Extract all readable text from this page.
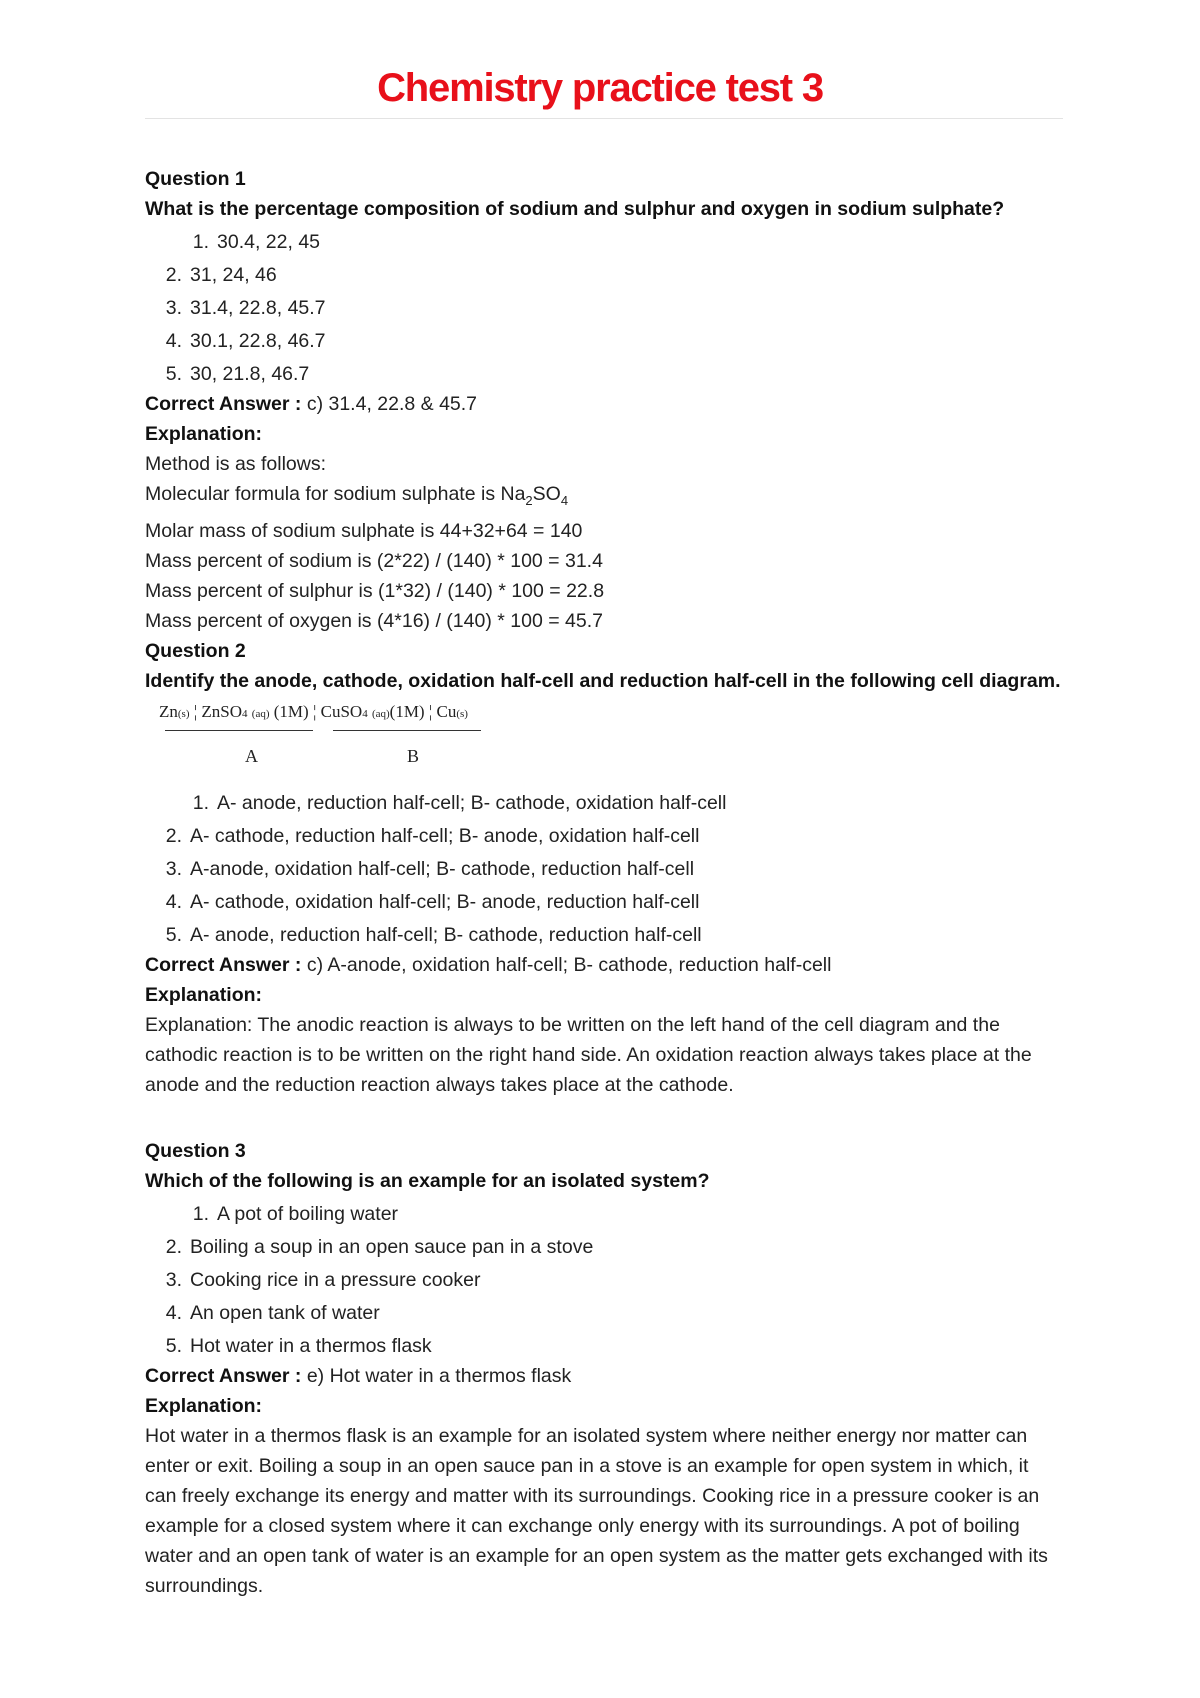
Chemistry practice test 3
Question 1
What is the percentage composition of sodium and sulphur and oxygen in sodium sulphate?
1. 30.4, 22, 45
2. 31, 24, 46
3. 31.4, 22.8, 45.7
4. 30.1, 22.8, 46.7
5. 30, 21.8, 46.7
Correct Answer : c) 31.4, 22.8 & 45.7
Explanation:
Method is as follows:
Molecular formula for sodium sulphate is $Na_2SO_4$
Molar mass of sodium sulphate is 44+32+64 = 140
Mass percent of sodium is (2*22) / (140) * 100 = 31.4
Mass percent of sulphur is (1*32) / (140) * 100 = 22.8
Mass percent of oxygen is (4*16) / (140) * 100 = 45.7
Question 2
Identify the anode, cathode, oxidation half-cell and reduction half-cell in the following cell diagram.
Zn(s) ¦ ZnSO4 (aq) (1M) ¦ CuSO4 (aq)(1M) ¦ Cu(s)
A	B
1. A- anode, reduction half-cell; B- cathode, oxidation half-cell
2. A- cathode, reduction half-cell; B- anode, oxidation half-cell
3. A-anode, oxidation half-cell; B- cathode, reduction half-cell
4. A- cathode, oxidation half-cell; B- anode, reduction half-cell
5. A- anode, reduction half-cell; B- cathode, reduction half-cell
Correct Answer : c) A-anode, oxidation half-cell; B- cathode, reduction half-cell
Explanation:
Explanation: The anodic reaction is always to be written on the left hand of the cell diagram and the cathodic reaction is to be written on the right hand side. An oxidation reaction always takes place at the anode and the reduction reaction always takes place at the cathode.
Question 3
Which of the following is an example for an isolated system?
1. A pot of boiling water
2. Boiling a soup in an open sauce pan in a stove
3. Cooking rice in a pressure cooker
4. An open tank of water
5. Hot water in a thermos flask
Correct Answer : e) Hot water in a thermos flask
Explanation:
Hot water in a thermos flask is an example for an isolated system where neither energy nor matter can enter or exit. Boiling a soup in an open sauce pan in a stove is an example for open system in which, it can freely exchange its energy and matter with its surroundings. Cooking rice in a pressure cooker is an example for a closed system where it can exchange only energy with its surroundings. A pot of boiling water and an open tank of water is an example for an open system as the matter gets exchanged with its surroundings.
